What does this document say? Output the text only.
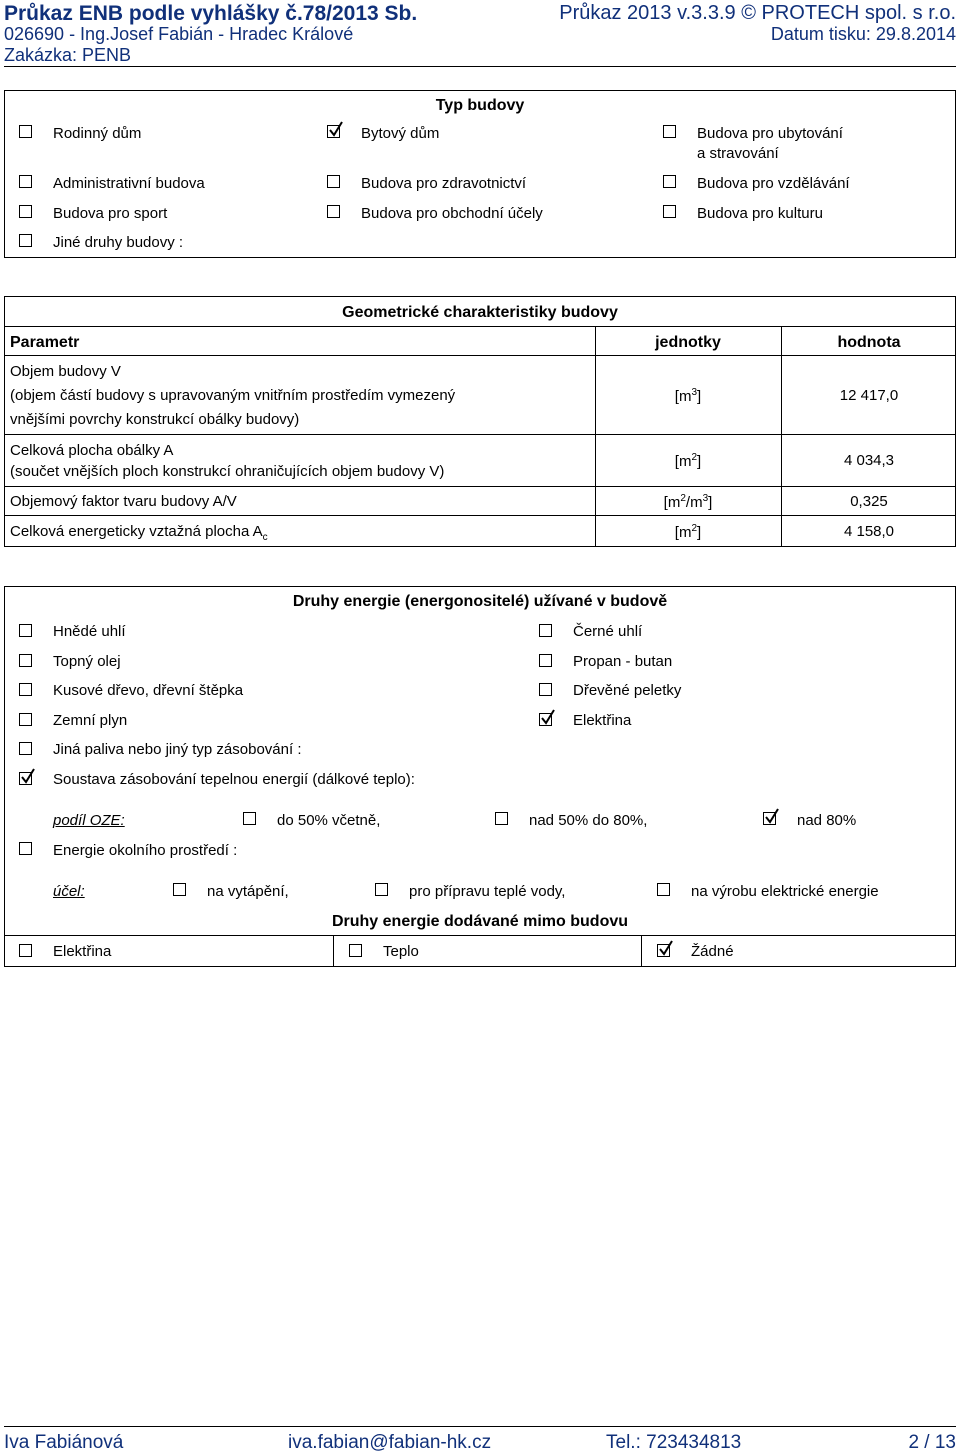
Průkaz ENB podle vyhlášky č.78/2013 Sb.
026690 - Ing.Josef Fabián - Hradec Králové
Zakázka: PENB
Průkaz 2013 v.3.3.9 © PROTECH spol. s r.o.
Datum tisku: 29.8.2014
Typ budovy
Rodinný dům	Bytový dům	Budova pro ubytování
a stravování
Administrativní budova	Budova pro zdravotnictví	Budova pro vzdělávání
Budova pro sport	Budova pro obchodní účely	Budova pro kulturu
Jiné druhy budovy :
Geometrické charakteristiky budovy
Parametr	jednotky	hodnota
Objem budovy V
(objem částí budovy s upravovaným vnitřním prostředím vymezený
vnějšími povrchy konstrukcí obálky budovy)
$[m^3]$	12 417,0
Celková plocha obálky A
(součet vnějších ploch konstrukcí ohraničujících objem budovy V)
$[m^2]$	4 034,3
Objemový faktor tvaru budovy A/V	$[m^2/m^3]$	0,325
Celková energeticky vztažná plocha $A_c$	$[m^2]$	4 158,0
Druhy energie (energonositelé) užívané v budově
Hnědé uhlí
Topný olej
Kusové dřevo, dřevní štěpka
Zemní plyn
Jiná paliva nebo jiný typ zásobování :
Soustava zásobování tepelnou energií (dálkové teplo):
Černé uhlí
Propan - butan
Dřevěné peletky
Elektřina
podíl OZE:	do 50% včetně,	nad 50% do 80%,	nad 80%
Energie okolního prostředí :
účel:	na vytápění,	pro přípravu teplé vody,	na výrobu elektrické energie
Druhy energie dodávané mimo budovu
Elektřina	Teplo	Žádné
Iva Fabiánová	iva.fabian@fabian-hk.cz	Tel.: 723434813	2 / 13
